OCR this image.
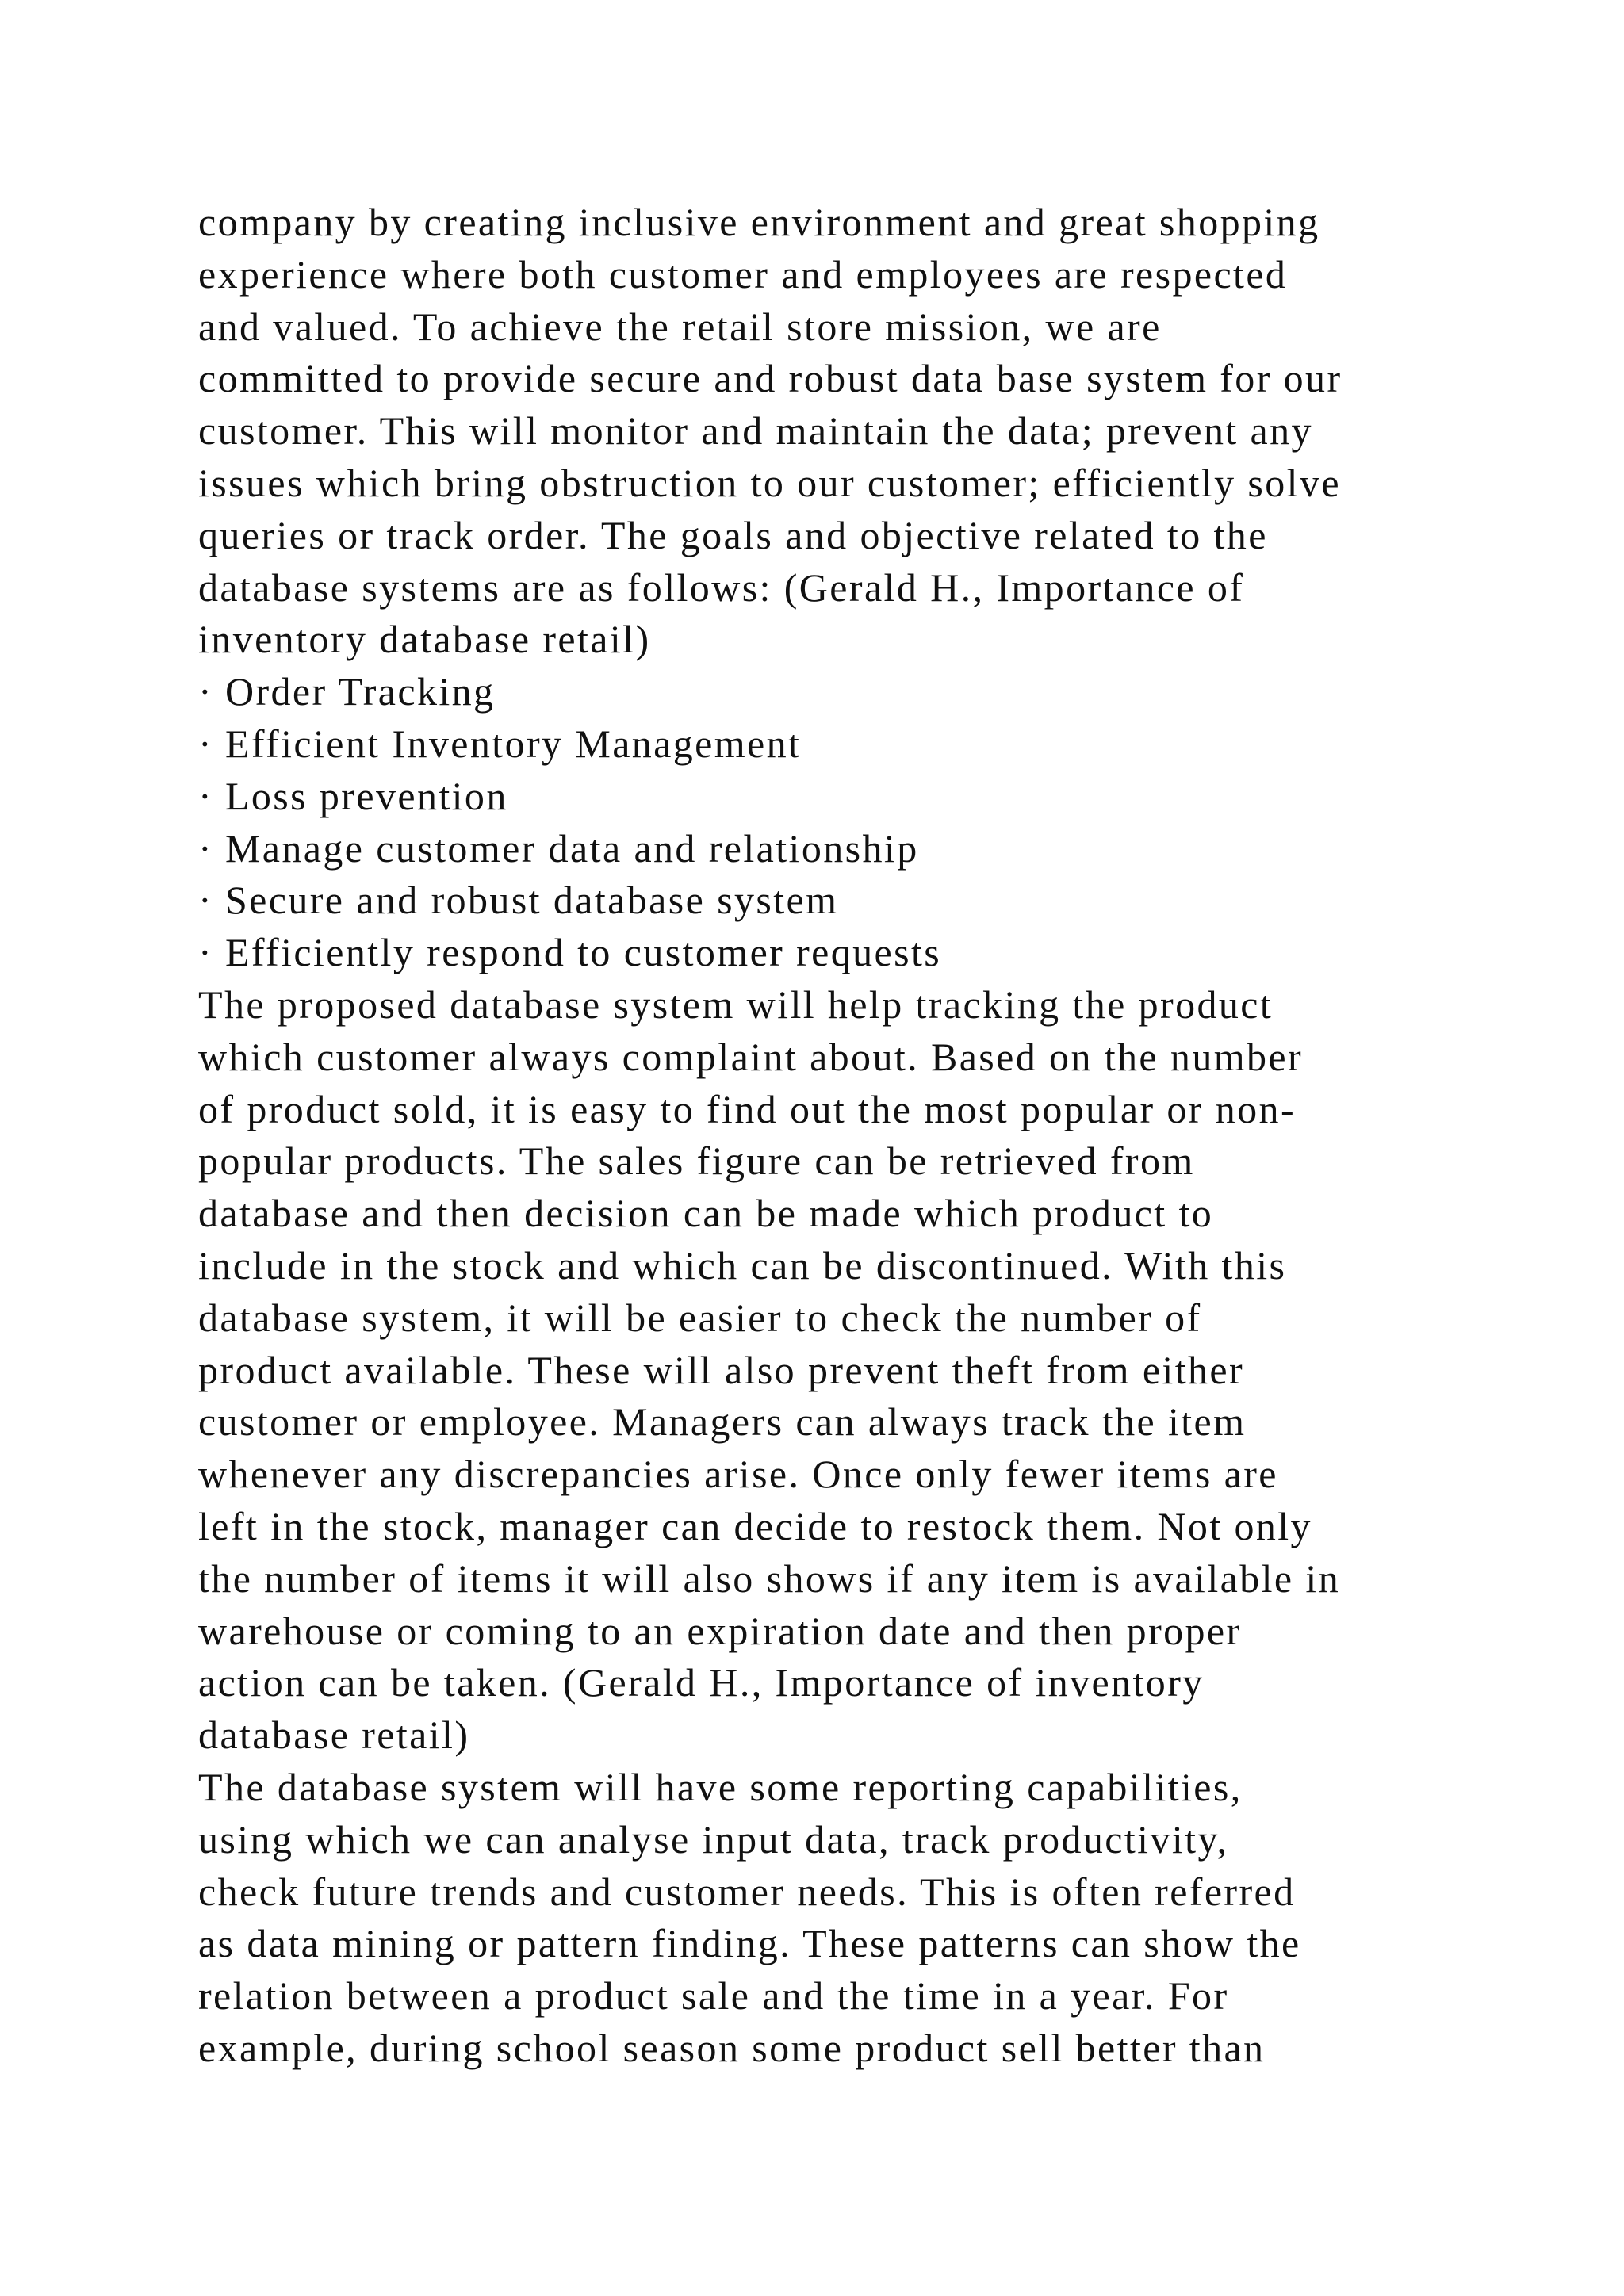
company by creating inclusive environment and great shopping
experience where both customer and employees are respected
and valued. To achieve the retail store mission, we are
committed to provide secure and robust data base system for our
customer. This will monitor and maintain the data; prevent any
issues which bring obstruction to our customer; efficiently solve
queries or track order. The goals and objective related to the
database systems are as follows: (Gerald H., Importance of
inventory database retail)
· Order Tracking
· Efficient Inventory Management
· Loss prevention
· Manage customer data and relationship
· Secure and robust database system
· Efficiently respond to customer requests
The proposed database system will help tracking the product
which customer always complaint about. Based on the number
of product sold, it is easy to find out the most popular or non-
popular products. The sales figure can be retrieved from
database and then decision can be made which product to
include in the stock and which can be discontinued. With this
database system, it will be easier to check the number of
product available. These will also prevent theft from either
customer or employee. Managers can always track the item
whenever any discrepancies arise. Once only fewer items are
left in the stock, manager can decide to restock them. Not only
the number of items it will also shows if any item is available in
warehouse or coming to an expiration date and then proper
action can be taken. (Gerald H., Importance of inventory
database retail)
The database system will have some reporting capabilities,
using which we can analyse input data, track productivity,
check future trends and customer needs. This is often referred
as data mining or pattern finding. These patterns can show the
relation between a product sale and the time in a year. For
example, during school season some product sell better than
